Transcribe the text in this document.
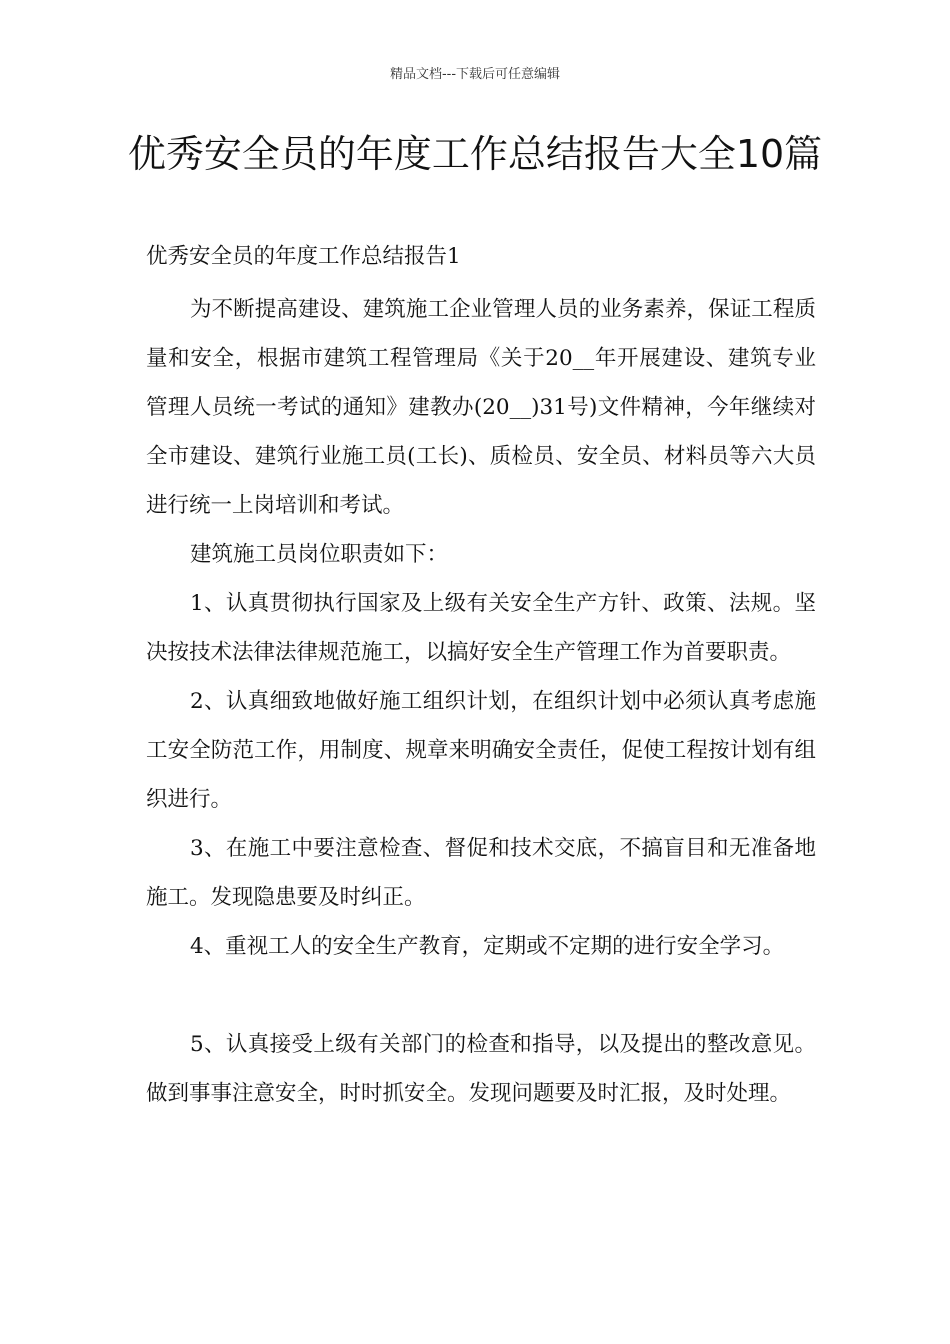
精品文档---下载后可任意编辑
优秀安全员的年度工作总结报告大全10篇

优秀安全员的年度工作总结报告1

为不断提高建设、建筑施工企业管理人员的业务素养，保证工程质量和安全，根据市建筑工程管理局《关于20__年开展建设、建筑专业管理人员统一考试的通知》建教办(20__)31号)文件精神，今年继续对全市建设、建筑行业施工员(工长)、质检员、安全员、材料员等六大员进行统一上岗培训和考试。

建筑施工员岗位职责如下：

1、认真贯彻执行国家及上级有关安全生产方针、政策、法规。坚决按技术法律法律规范施工，以搞好安全生产管理工作为首要职责。

2、认真细致地做好施工组织计划，在组织计划中必须认真考虑施工安全防范工作，用制度、规章来明确安全责任，促使工程按计划有组织进行。

3、在施工中要注意检查、督促和技术交底，不搞盲目和无准备地施工。发现隐患要及时纠正。

4、重视工人的安全生产教育，定期或不定期的进行安全学习。

5、认真接受上级有关部门的检查和指导，以及提出的整改意见。做到事事注意安全，时时抓安全。发现问题要及时汇报，及时处理。
